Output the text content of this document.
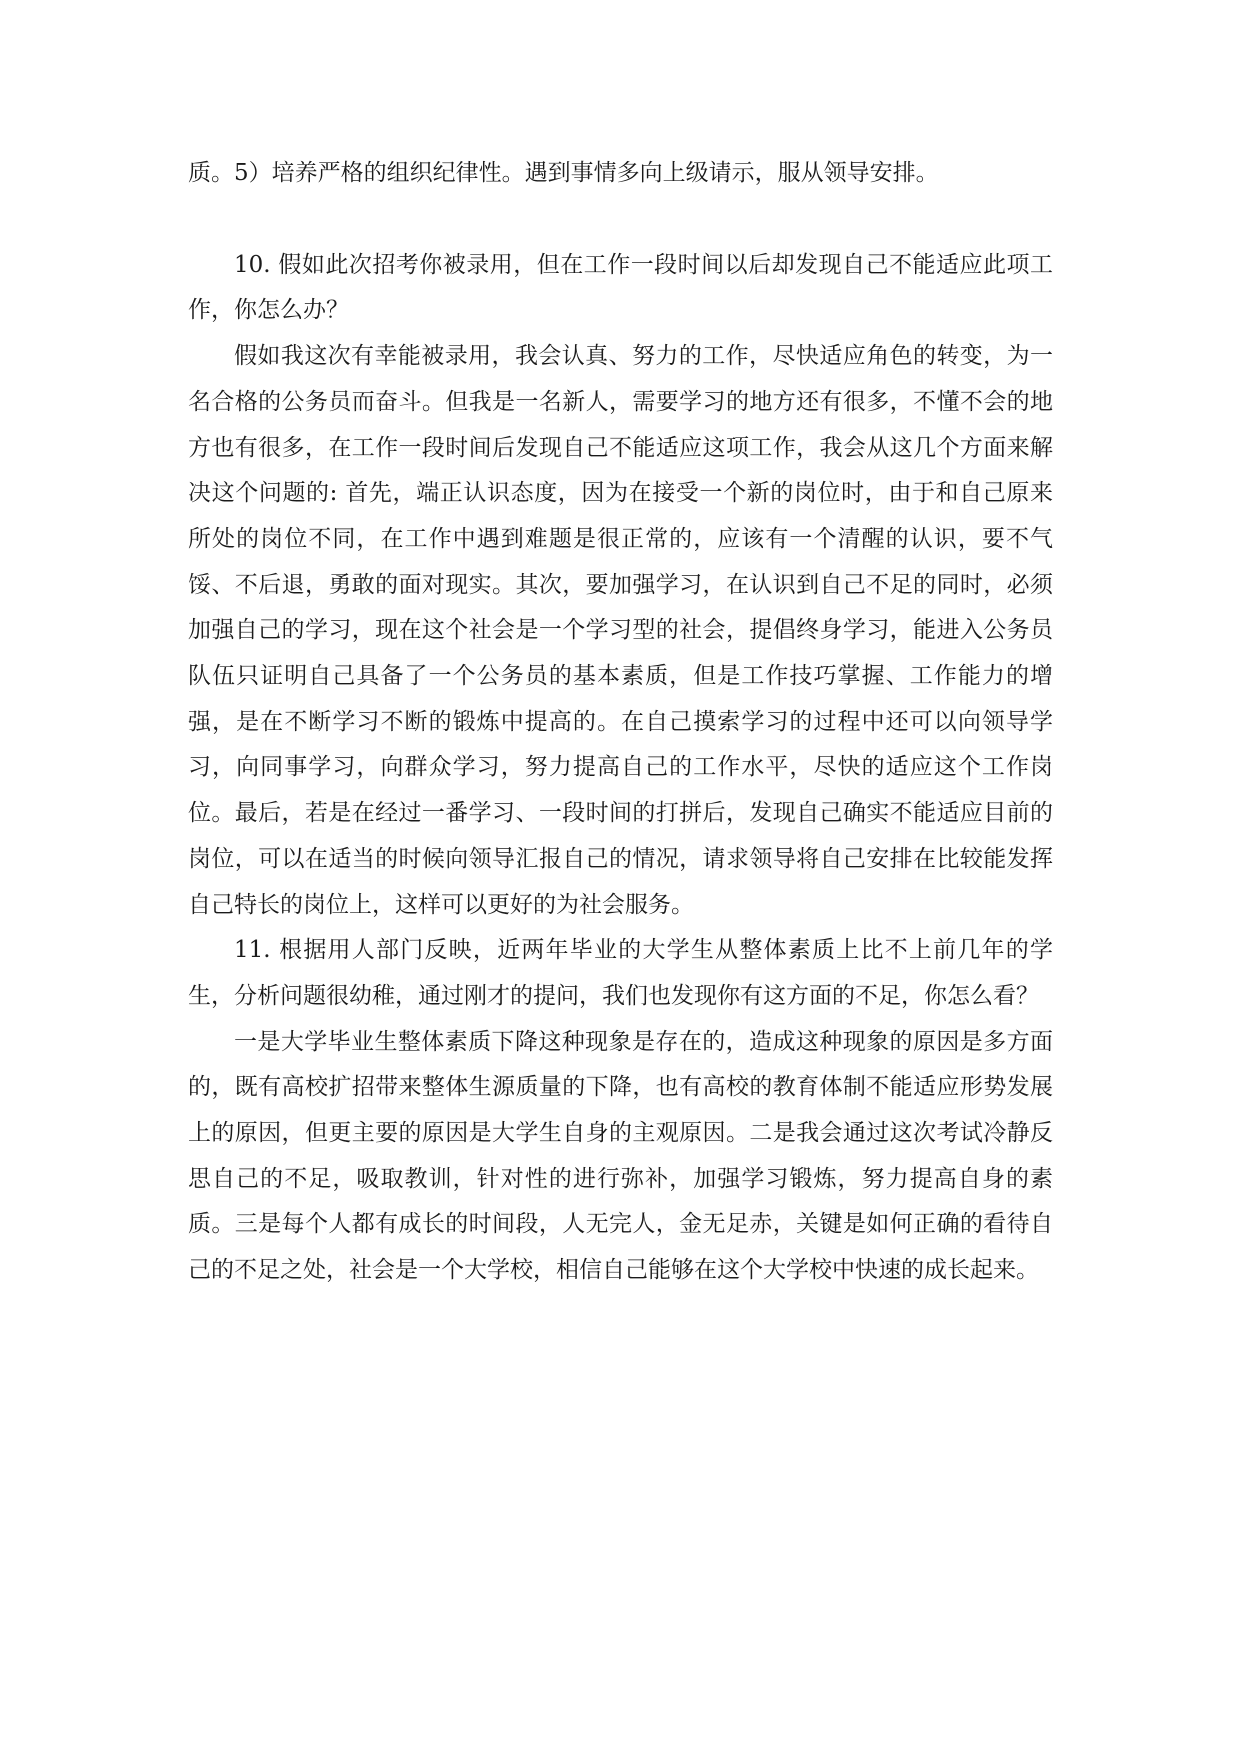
质。5）培养严格的组织纪律性。遇到事情多向上级请示，服从领导安排。

10. 假如此次招考你被录用，但在工作一段时间以后却发现自己不能适应此项工作，你怎么办？

假如我这次有幸能被录用，我会认真、努力的工作，尽快适应角色的转变，为一名合格的公务员而奋斗。但我是一名新人，需要学习的地方还有很多，不懂不会的地方也有很多，在工作一段时间后发现自己不能适应这项工作，我会从这几个方面来解决这个问题的: 首先，端正认识态度，因为在接受一个新的岗位时，由于和自己原来所处的岗位不同，在工作中遇到难题是很正常的，应该有一个清醒的认识，要不气馁、不后退，勇敢的面对现实。其次，要加强学习，在认识到自己不足的同时，必须加强自己的学习，现在这个社会是一个学习型的社会，提倡终身学习，能进入公务员队伍只证明自己具备了一个公务员的基本素质，但是工作技巧掌握、工作能力的增强，是在不断学习不断的锻炼中提高的。在自己摸索学习的过程中还可以向领导学习，向同事学习，向群众学习，努力提高自己的工作水平，尽快的适应这个工作岗位。最后，若是在经过一番学习、一段时间的打拼后，发现自己确实不能适应目前的岗位，可以在适当的时候向领导汇报自己的情况，请求领导将自己安排在比较能发挥自己特长的岗位上，这样可以更好的为社会服务。

11. 根据用人部门反映，近两年毕业的大学生从整体素质上比不上前几年的学生，分析问题很幼稚，通过刚才的提问，我们也发现你有这方面的不足，你怎么看？

一是大学毕业生整体素质下降这种现象是存在的，造成这种现象的原因是多方面的，既有高校扩招带来整体生源质量的下降，也有高校的教育体制不能适应形势发展上的原因，但更主要的原因是大学生自身的主观原因。二是我会通过这次考试冷静反思自己的不足，吸取教训，针对性的进行弥补，加强学习锻炼，努力提高自身的素质。三是每个人都有成长的时间段，人无完人，金无足赤，关键是如何正确的看待自己的不足之处，社会是一个大学校，相信自己能够在这个大学校中快速的成长起来。
